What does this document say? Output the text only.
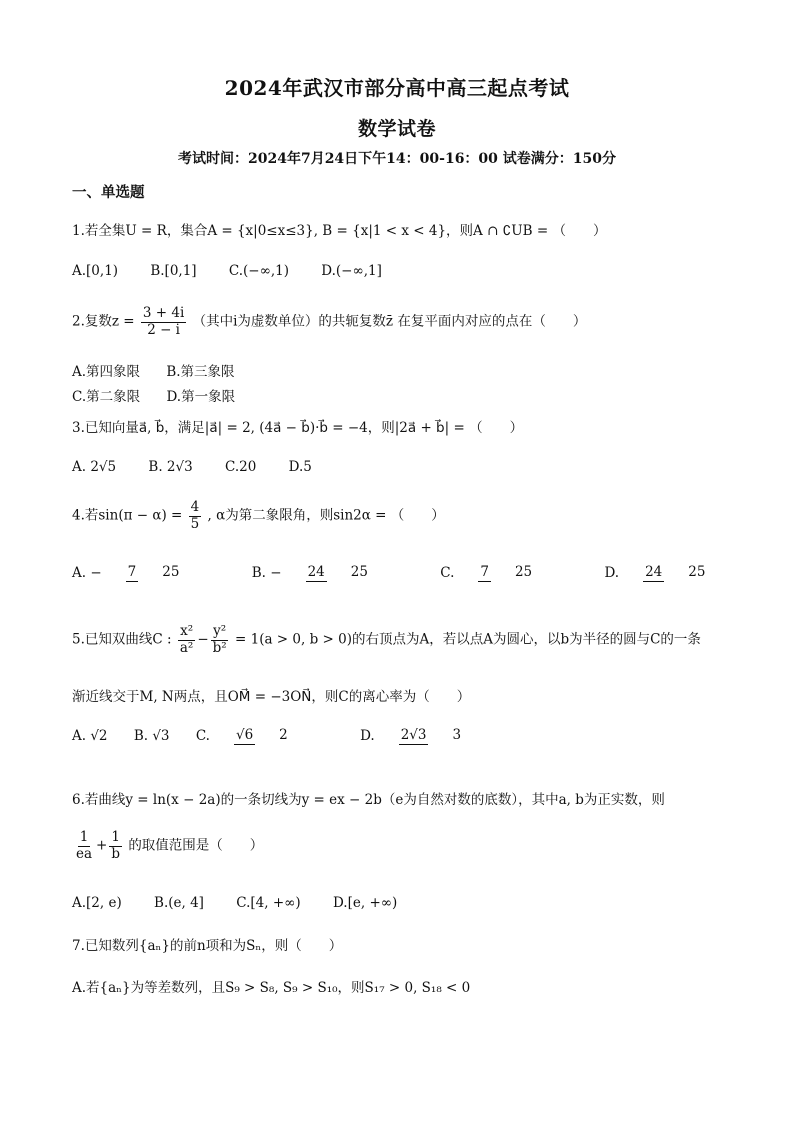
2024年武汉市部分高中高三起点考试
数学试卷
考试时间：2024年7月24日下午14：00-16：00 试卷满分：150分
一、单选题
1.若全集U = R，集合A = {x|0≤x≤3}, B = {x|1 < x < 4}，则A ∩ ∁UB = （　　）
A.[0,1) B.[0,1] C.(−∞,1) D.(−∞,1]
2.复数$z = \frac{3 + 4i}{2 - i}$ （其中i为虚数单位）的共轭复数z̄ 在复平面内对应的点在（　　）
A.第四象限 B.第三象限
C.第二象限 D.第一象限
3.已知向量a⃗, b⃗，满足|a⃗| = 2, (4a⃗ − b⃗)·b⃗ = −4，则|2a⃗ + b⃗| = （　　）
A. 2√5 B. 2√3 C.20 D.5
4.若$\sin(\pi - \alpha) = \frac{4}{5}$ , α为第二象限角，则sin2α = （　　）
A. − 7 25	B. − 24 25	C. 7 25	D. 24 25
5.已知双曲线C : $\frac{\text{x²}}{\text{a²}} - \frac{\text{y²}}{\text{b²}} = 1(a > 0$, b > 0)的右顶点为A，若以点A为圆心，以b为半径的圆与C的一条
渐近线交于M, N两点，且OM⃗ = −3ON⃗，则C的离心率为（　　）
A. √2 B. √3 C. √6 2	D. 2√3 3
6.若曲线y = ln(x − 2a)的一条切线为y = ex − 2b（e为自然对数的底数），其中a, b为正实数，则
$\frac{1}{ea} + \frac{1}{b}$ 的取值范围是（　　）
A.[2, e) B.(e, 4] C.[4, +∞) D.[e, +∞)
7.已知数列{aₙ}的前n项和为Sₙ，则（　　）
A.若{aₙ}为等差数列，且S₉ > S₈, S₉ > S₁₀，则S₁₇ > 0, S₁₈ < 0
